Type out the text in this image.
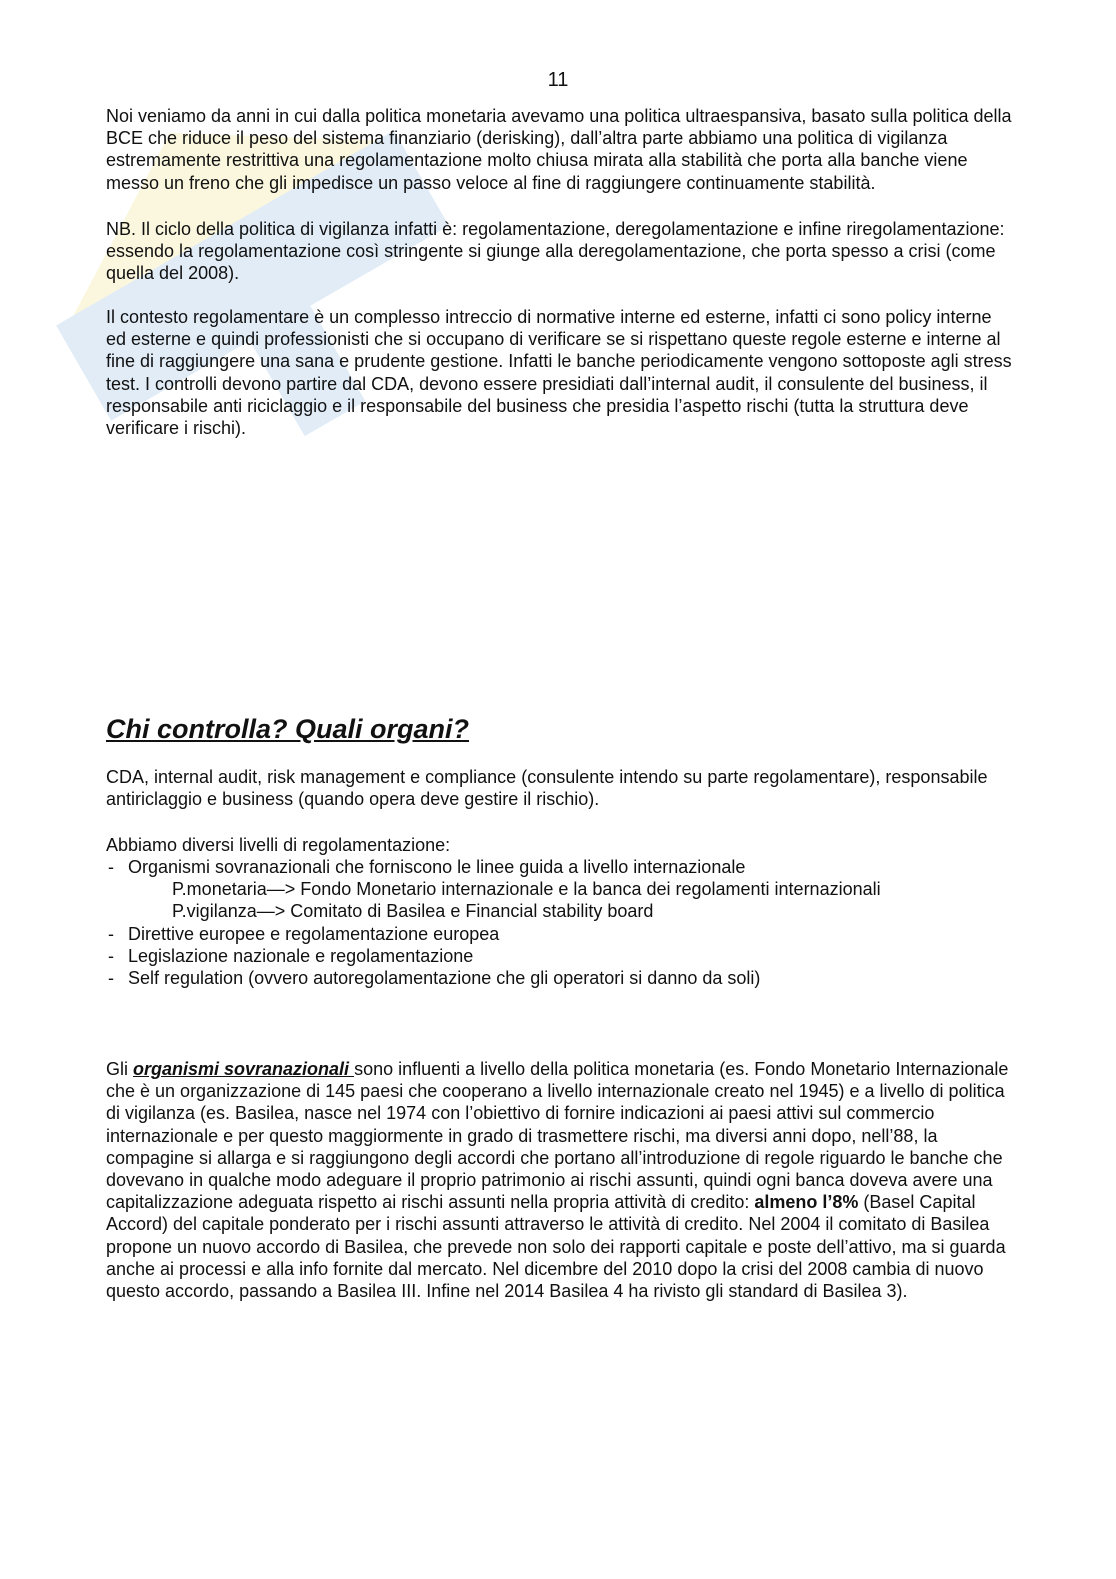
11

Noi veniamo da anni in cui dalla politica monetaria avevamo una politica ultraespansiva, basato sulla politica della BCE che riduce il peso del sistema finanziario (derisking), dall’altra parte abbiamo una politica di vigilanza estremamente restrittiva una regolamentazione molto chiusa mirata alla stabilità che porta alla banche viene messo un freno che gli impedisce un passo veloce al fine di raggiungere continuamente stabilità.

NB. Il ciclo della politica di vigilanza infatti è: regolamentazione, deregolamentazione e infine riregolamentazione: essendo la regolamentazione così stringente si giunge alla deregolamentazione, che porta spesso a crisi (come quella del 2008).

Il contesto regolamentare è un complesso intreccio di normative interne ed esterne, infatti ci sono policy interne ed esterne e quindi professionisti che si occupano di verificare se si rispettano queste regole esterne e interne al fine di raggiungere una sana e prudente gestione. Infatti le banche periodicamente vengono sottoposte agli stress test. I controlli devono partire dal CDA, devono essere presidiati dall’internal audit, il consulente del business, il responsabile anti riciclaggio e il responsabile del business che presidia l’aspetto rischi (tutta la struttura deve verificare i rischi).

Chi controlla? Quali organi?

CDA, internal audit, risk management e compliance (consulente intendo su parte regolamentare), responsabile antiriclaggio e business (quando opera deve gestire il rischio).

Abbiamo diversi livelli di regolamentazione:

- Organismi sovranazionali che forniscono le linee guida a livello internazionale
P.monetaria—> Fondo Monetario internazionale e la banca dei regolamenti internazionali
P.vigilanza—> Comitato di Basilea e Financial stability board
- Direttive europee e regolamentazione europea
- Legislazione nazionale e regolamentazione
- Self regulation (ovvero autoregolamentazione che gli operatori si danno da soli)

Gli organismi sovranazionali sono influenti a livello della politica monetaria (es. Fondo Monetario Internazionale che è un organizzazione di 145 paesi che cooperano a livello internazionale creato nel 1945) e a livello di politica di vigilanza (es. Basilea, nasce nel 1974 con l’obiettivo di fornire indicazioni ai paesi attivi sul commercio internazionale e per questo maggiormente in grado di trasmettere rischi, ma diversi anni dopo, nell’88, la compagine si allarga e si raggiungono degli accordi che portano all’introduzione di regole riguardo le banche che dovevano in qualche modo adeguare il proprio patrimonio ai rischi assunti, quindi ogni banca doveva avere una capitalizzazione adeguata rispetto ai rischi assunti nella propria attività di credito: almeno l’8% (Basel Capital Accord) del capitale ponderato per i rischi assunti attraverso le attività di credito. Nel 2004 il comitato di Basilea propone un nuovo accordo di Basilea, che prevede non solo dei rapporti capitale e poste dell’attivo, ma si guarda anche ai processi e alla info fornite dal mercato. Nel dicembre del 2010 dopo la crisi del 2008 cambia di nuovo questo accordo, passando a Basilea III. Infine nel 2014 Basilea 4 ha rivisto gli standard di Basilea 3).
